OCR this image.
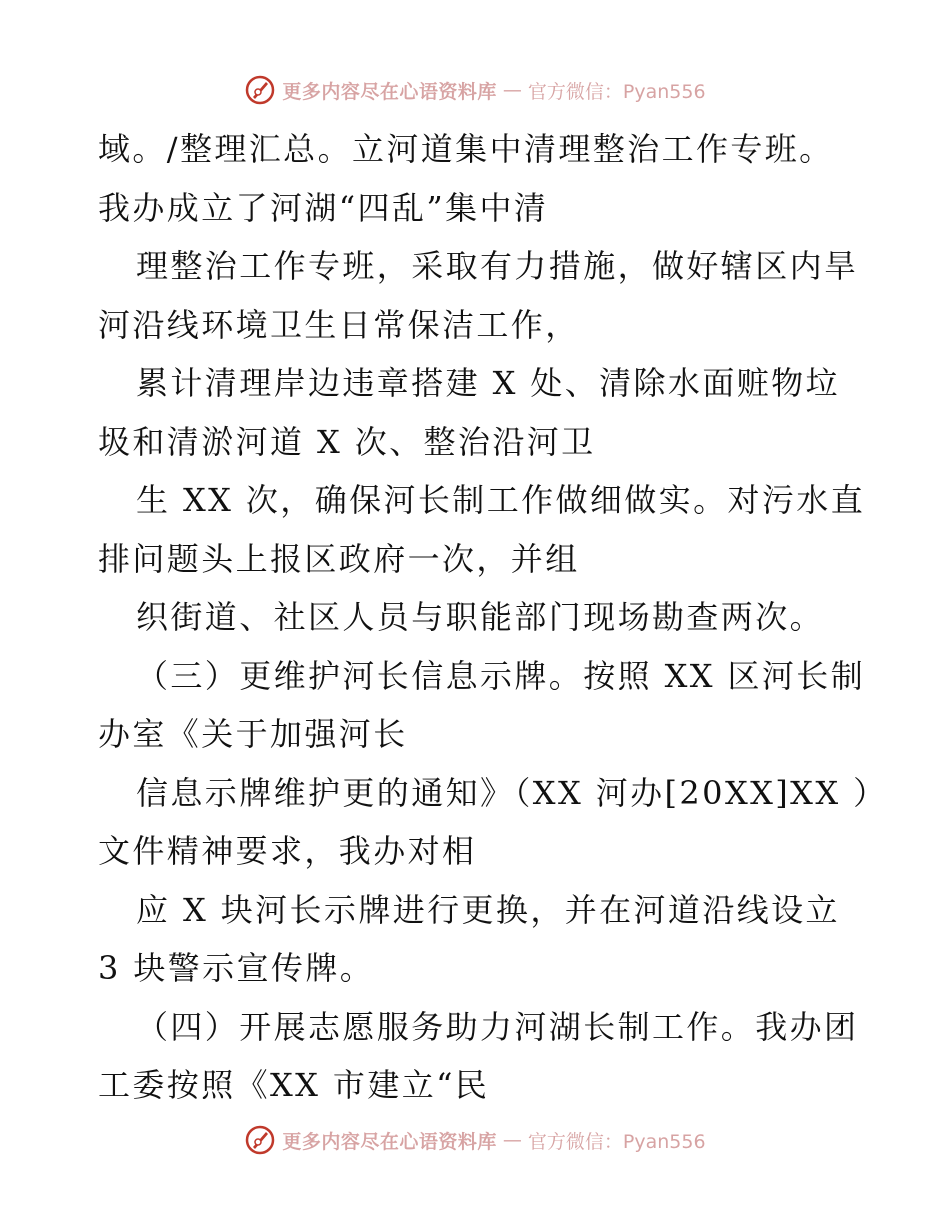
更多内容尽在心语资料库 — 官方微信：Pyan556
域。/整理汇总。立河道集中清理整治工作专班。
我办成立了河湖“四乱”集中清
理整治工作专班，采取有力措施，做好辖区内旱
河沿线环境卫生日常保洁工作，
累计清理岸边违章搭建 X 处、清除水面赃物垃
圾和清淤河道 X 次、整治沿河卫
生 XX 次，确保河长制工作做细做实。对污水直
排问题头上报区政府一次，并组
织街道、社区人员与职能部门现场勘查两次。
（三）更维护河长信息示牌。按照 XX 区河长制
办室《关于加强河长
信息示牌维护更的通知》（XX 河办[20XX]XX ）
文件精神要求，我办对相
应 X 块河长示牌进行更换，并在河道沿线设立
3 块警示宣传牌。
（四）开展志愿服务助力河湖长制工作。我办团
工委按照《XX 市建立“民
更多内容尽在心语资料库 — 官方微信：Pyan556
